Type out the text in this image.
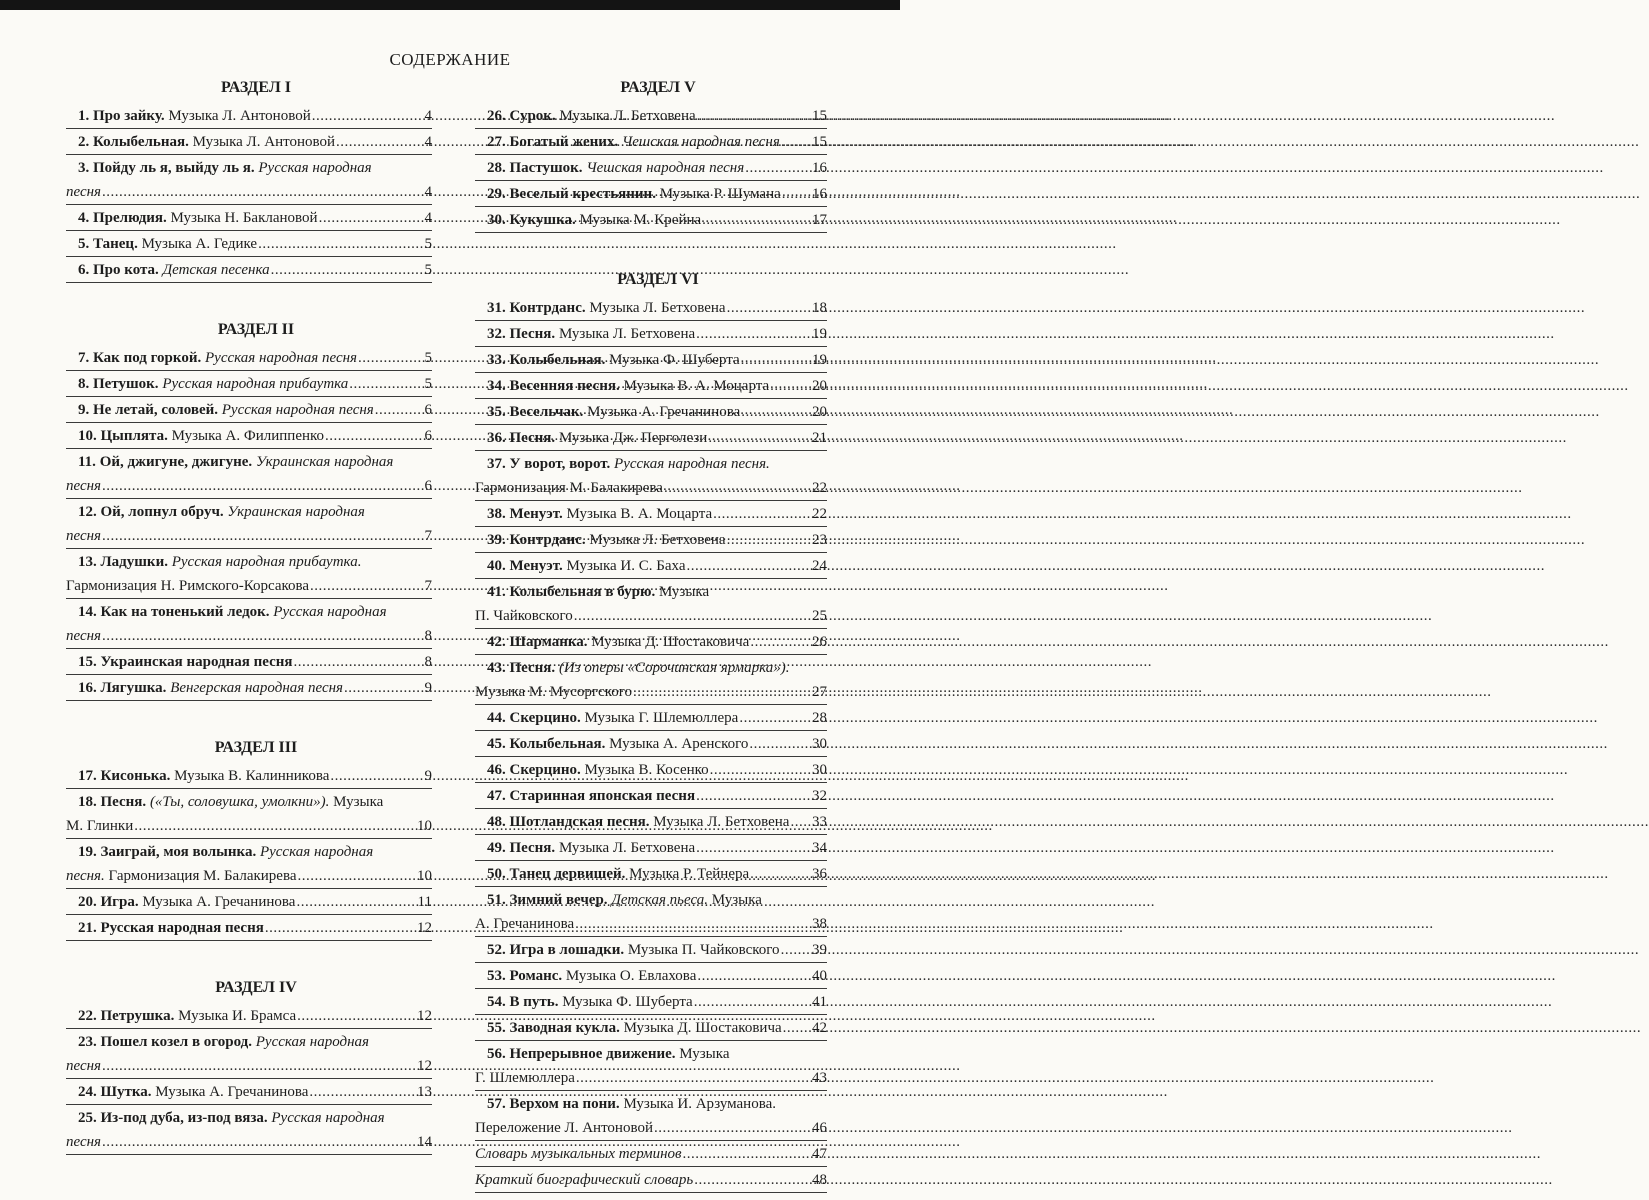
СОДЕРЖАНИЕ
РАЗДЕЛ I
1. Про зайку. Музыка Л. Антоновой .....	4
2. Колыбельная. Музыка Л. Антоновой .....	4
3. Пойду ль я, выйду ль я. Русская народная
песня .....	4
4. Прелюдия. Музыка Н. Баклановой .....	4
5. Танец. Музыка А. Гедике .....	5
6. Про кота. Детская песенка .....	5
РАЗДЕЛ II
7. Как под горкой. Русская народная песня .....	5
8. Петушок. Русская народная прибаутка .....	5
9. Не летай, соловей. Русская народная песня .....	6
10. Цыплята. Музыка А. Филиппенко .....	6
11. Ой, джигуне, джигуне. Украинская народная
песня .....	6
12. Ой, лопнул обруч. Украинская народная
песня .....	7
13. Ладушки. Русская народная прибаутка.
Гармонизация Н. Римского-Корсакова .....	7
14. Как на тоненький ледок. Русская народная
песня .....	8
15. Украинская народная песня .....	8
16. Лягушка. Венгерская народная песня .....	9
РАЗДЕЛ III
17. Кисонька. Музыка В. Калинникова .....	9
18. Песня. («Ты, соловушка, умолкни»). Музыка
М. Глинки .....	10
19. Заиграй, моя волынка. Русская народная
песня. Гармонизация М. Балакирева .....	10
20. Игра. Музыка А. Гречанинова .....	11
21. Русская народная песня .....	12
РАЗДЕЛ IV
22. Петрушка. Музыка И. Брамса .....	12
23. Пошел козел в огород. Русская народная
песня .....	12
24. Шутка. Музыка А. Гречанинова .....	13
25. Из-под дуба, из-под вяза. Русская народная
песня .....	14
РАЗДЕЛ V
26. Сурок. Музыка Л. Бетховена .....	15
27. Богатый жених. Чешская народная песня ..... 15
28. Пастушок. Чешская народная песня .....	16
29. Веселый крестьянин. Музыка Р. Шумана ..... 16
30. Кукушка. Музыка М. Крейна .....	17
РАЗДЕЛ VI
31. Контрданс. Музыка Л. Бетховена .....	18
32. Песня. Музыка Л. Бетховена .....	19
33. Колыбельная. Музыка Ф. Шуберта .....	19
34. Весенняя песня. Музыка В. А. Моцарта .....	20
35. Весельчак. Музыка А. Гречанинова .....	20
36. Песня. Музыка Дж. Перголези .....	21
37. У ворот, ворот. Русская народная песня.
Гармонизация М. Балакирева .....	22
38. Менуэт. Музыка В. А. Моцарта .....	22
39. Контрданс. Музыка Л. Бетховена .....	23
40. Менуэт. Музыка И. С. Баха .....	24
41. Колыбельная в бурю. Музыка
П. Чайковского .....	25
42. Шарманка. Музыка Д. Шостаковича .....	26
43. Песня. (Из оперы «Сорочинская ярмарка»).
Музыка М. Мусоргского .....	27
44. Скерцино. Музыка Г. Шлемюллера .....	28
45. Колыбельная. Музыка А. Аренского .....	30
46. Скерцино. Музыка В. Косенко .....	30
47. Старинная японская песня .....	32
48. Шотландская песня. Музыка Л. Бетховена ..... 33
49. Песня. Музыка Л. Бетховена .....	34
50. Танец дервишей. Музыка Р. Тейнера .....	36
51. Зимний вечер. Детская пьеса. Музыка
А. Гречанинова .....	38
52. Игра в лошадки. Музыка П. Чайковского ..... 39
53. Романс. Музыка О. Евлахова .....	40
54. В путь. Музыка Ф. Шуберта .....	41
55. Заводная кукла. Музыка Д. Шостаковича ..... 42
56. Непрерывное движение. Музыка
Г. Шлемюллера .....	43
57. Верхом на пони. Музыка И. Арзуманова.
Переложение Л. Антоновой .....	46
Словарь музыкальных терминов .....	47
Краткий биографический словарь .....	48
